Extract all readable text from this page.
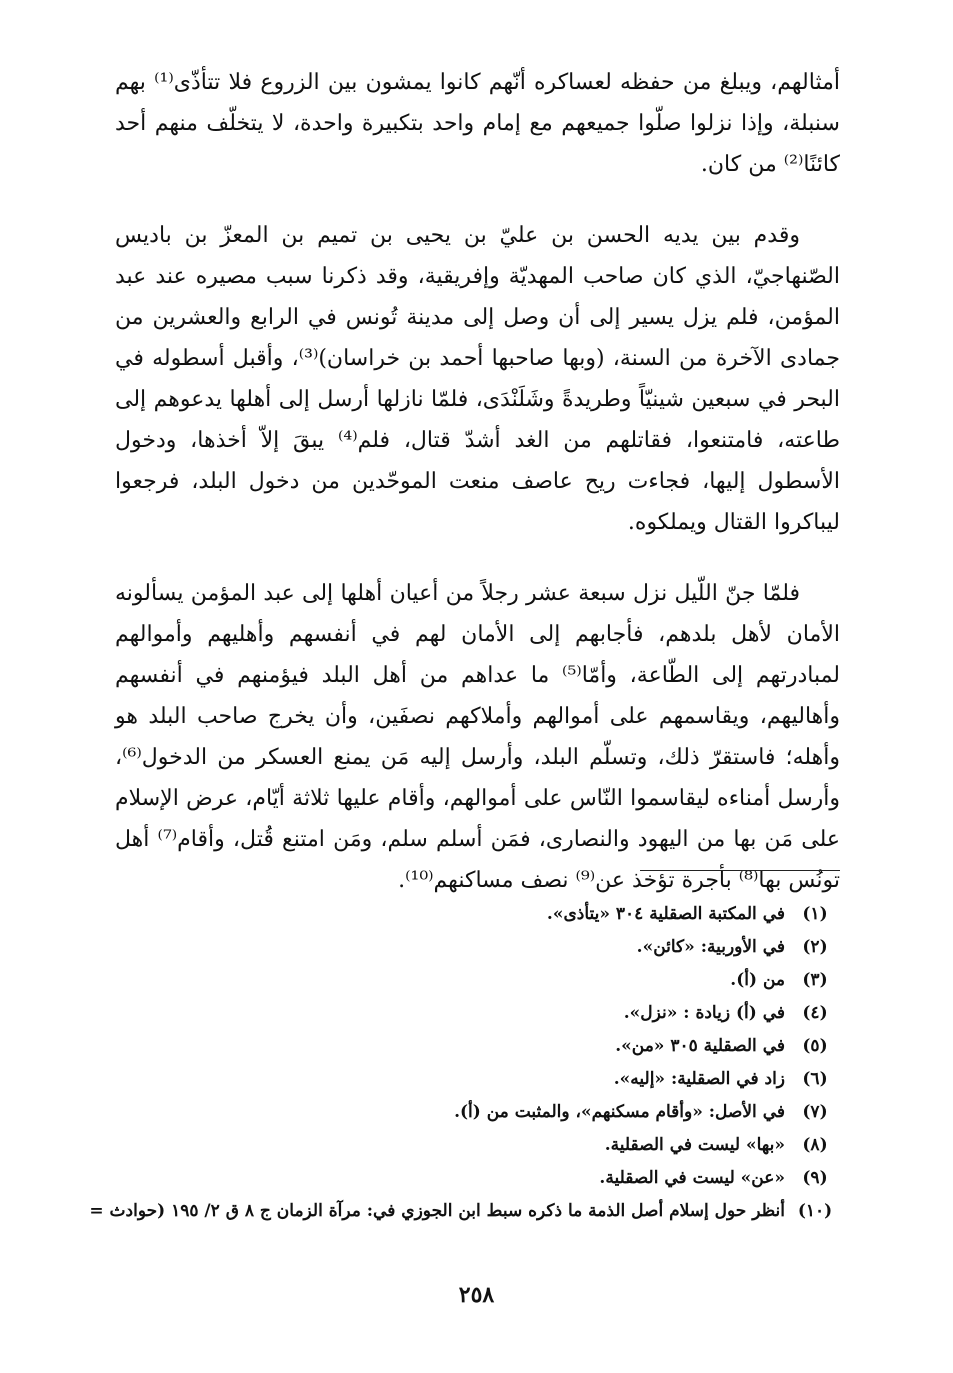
أمثالهم، ويبلغ من حفظه لعساكره أنّهم كانوا يمشون بين الزروع فلا تتأذّى⁽¹⁾ بهم سنبلة، وإذا نزلوا صلّوا جميعهم مع إمام واحد بتكبيرة واحدة، لا يتخلّف منهم أحد كائنًا⁽²⁾ من كان.

وقدم بين يديه الحسن بن عليّ بن يحيى بن تميم بن المعزّ بن باديس الصّنهاجيّ، الذي كان صاحب المهديّة وإفريقية، وقد ذكرنا سبب مصيره عند عبد المؤمن، فلم يزل يسير إلى أن وصل إلى مدينة تُونس في الرابع والعشرين من جمادى الآخرة من السنة، (وبها صاحبها أحمد بن خراسان)⁽³⁾، وأقبل أسطوله في البحر في سبعين شينيّاً وطريدةً وشَلَنْدَى، فلمّا نازلها أرسل إلى أهلها يدعوهم إلى طاعته، فامتنعوا، فقاتلهم من الغد أشدّ قتال، فلم⁽⁴⁾ يبقَ إلاّ أخذها، ودخول الأسطول إليها، فجاءت ريح عاصف منعت الموحّدين من دخول البلد، فرجعوا ليباكروا القتال ويملكوه.

فلمّا جنّ اللّيل نزل سبعة عشر رجلاً من أعيان أهلها إلى عبد المؤمن يسألونه الأمان لأهل بلدهم، فأجابهم إلى الأمان لهم في أنفسهم وأهليهم وأموالهم لمبادرتهم إلى الطّاعة، وأمّا⁽⁵⁾ ما عداهم من أهل البلد فيؤمنهم في أنفسهم وأهاليهم، ويقاسمهم على أموالهم وأملاكهم نصفَين، وأن يخرج صاحب البلد هو وأهله؛ فاستقرّ ذلك، وتسلّم البلد، وأرسل إليه مَن يمنع العسكر من الدخول⁽⁶⁾، وأرسل أمناءه ليقاسموا النّاس على أموالهم، وأقام عليها ثلاثة أيّام، عرض الإسلام على مَن بها من اليهود والنصارى، فمَن أسلم سلم، ومَن امتنع قُتل، وأقام⁽⁷⁾ أهل تونُس بها⁽⁸⁾ بأجرة تؤخذ عن⁽⁹⁾ نصف مساكنهم⁽¹⁰⁾.

(١)
في المكتبة الصقلية ٣٠٤ «يتأذى».
(٢)
في الأوربية: «كائن».
(٣)
من (أ).
(٤)
في (أ) زيادة : «نزل».
(٥)
في الصقلية ٣٠٥ «من».
(٦)
زاد في الصقلية: «إليه».
(٧)
في الأصل: «وأقام مسكنهم»، والمثبت من (أ).
(٨)
«بها» ليست في الصقلية.
(٩)
«عن» ليست في الصقلية.
(١٠)
أنظر حول إسلام أصل الذمة ما ذكره سبط ابن الجوزي في: مرآة الزمان ج ٨ ق ٢/ ١٩٥ (حوادث =
٢٥٨
